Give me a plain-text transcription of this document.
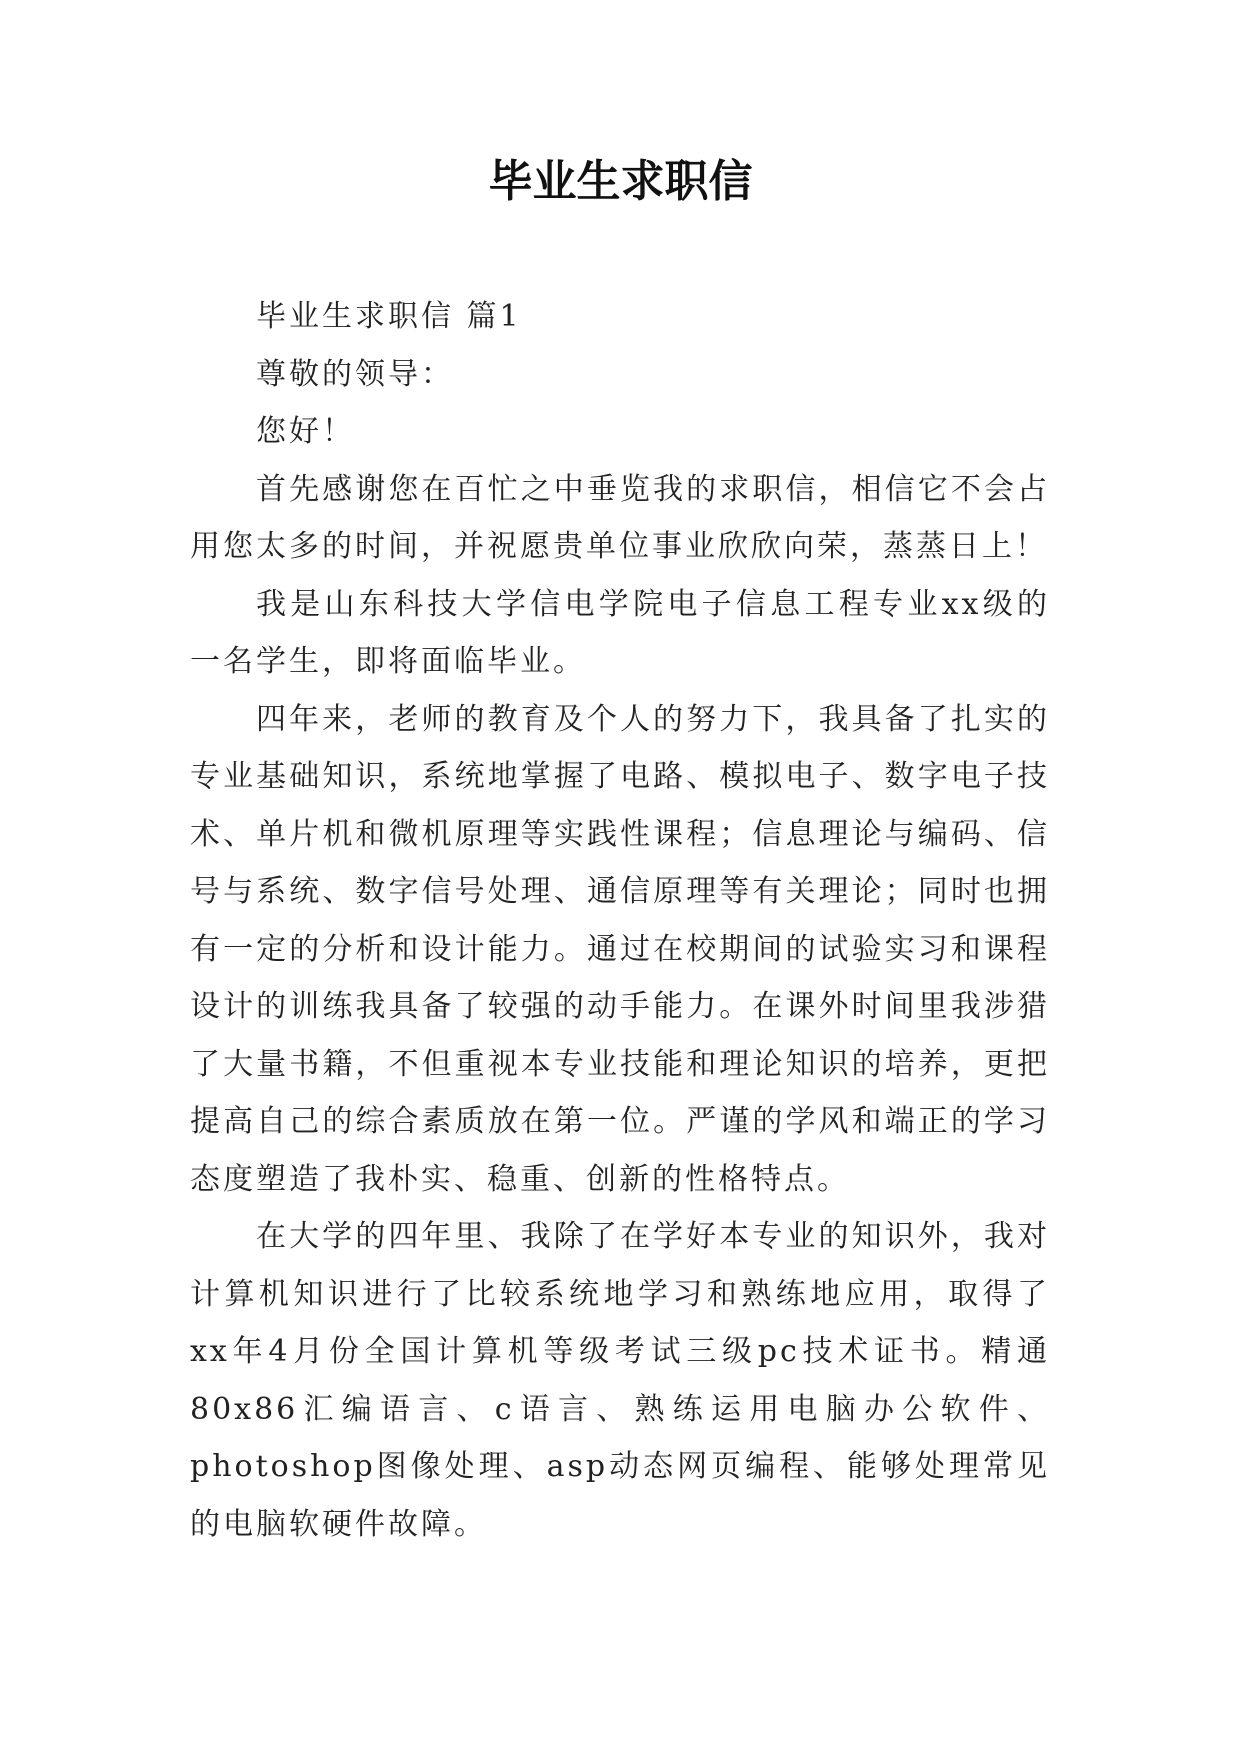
毕业生求职信

毕业生求职信 篇1

尊敬的领导：

您好！

首先感谢您在百忙之中垂览我的求职信，相信它不会占用您太多的时间，并祝愿贵单位事业欣欣向荣，蒸蒸日上！

我是山东科技大学信电学院电子信息工程专业xx级的一名学生，即将面临毕业。

四年来，老师的教育及个人的努力下，我具备了扎实的专业基础知识，系统地掌握了电路、模拟电子、数字电子技术、单片机和微机原理等实践性课程；信息理论与编码、信号与系统、数字信号处理、通信原理等有关理论；同时也拥有一定的分析和设计能力。通过在校期间的试验实习和课程设计的训练我具备了较强的动手能力。在课外时间里我涉猎了大量书籍，不但重视本专业技能和理论知识的培养，更把提高自己的综合素质放在第一位。严谨的学风和端正的学习态度塑造了我朴实、稳重、创新的性格特点。

在大学的四年里、我除了在学好本专业的知识外，我对计算机知识进行了比较系统地学习和熟练地应用，取得了xx年4月份全国计算机等级考试三级pc技术证书。精通80x86汇编语言、c语言、熟练运用电脑办公软件、photoshop图像处理、asp动态网页编程、能够处理常见的电脑软硬件故障。
